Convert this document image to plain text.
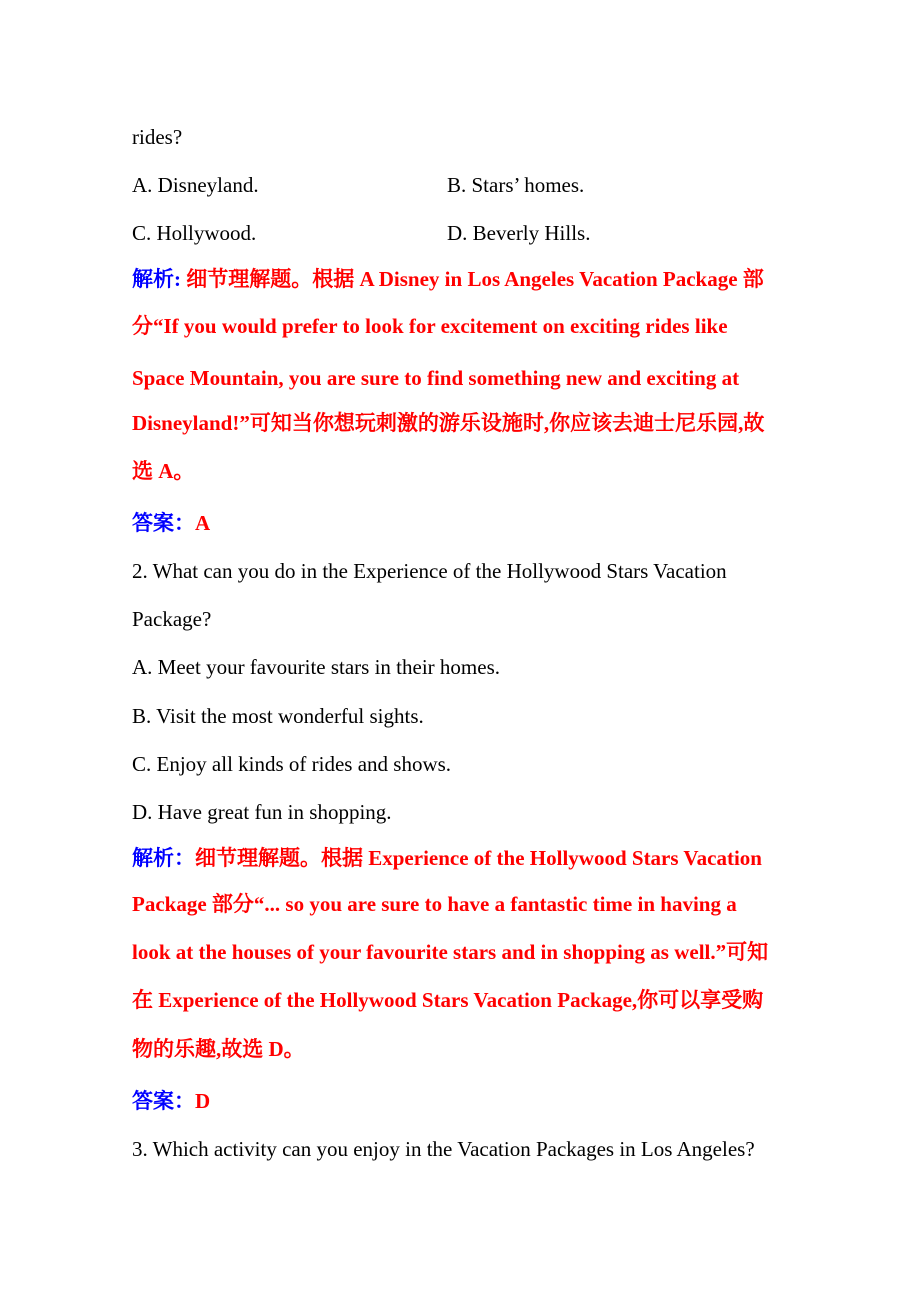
rides?
A. Disneyland.	B. Stars’ homes.
C. Hollywood.	D. Beverly Hills.
解析: 细节理解题。根据 A Disney in Los Angeles Vacation Package 部
分“If you would prefer to look for excitement on exciting rides like
Space Mountain, you are sure to find something new and exciting at
Disneyland!”可知当你想玩刺激的游乐设施时,你应该去迪士尼乐园,故
选 A。
答案：A
2. What can you do in the Experience of the Hollywood Stars Vacation
Package?
A. Meet your favourite stars in their homes.
B. Visit the most wonderful sights.
C. Enjoy all kinds of rides and shows.
D. Have great fun in shopping.
解析：细节理解题。根据 Experience of the Hollywood Stars Vacation
Package 部分“... so you are sure to have a fantastic time in having a
look at the houses of your favourite stars and in shopping as well.”可知
在 Experience of the Hollywood Stars Vacation Package,你可以享受购
物的乐趣,故选 D。
答案：D
3. Which activity can you enjoy in the Vacation Packages in Los Angeles?
